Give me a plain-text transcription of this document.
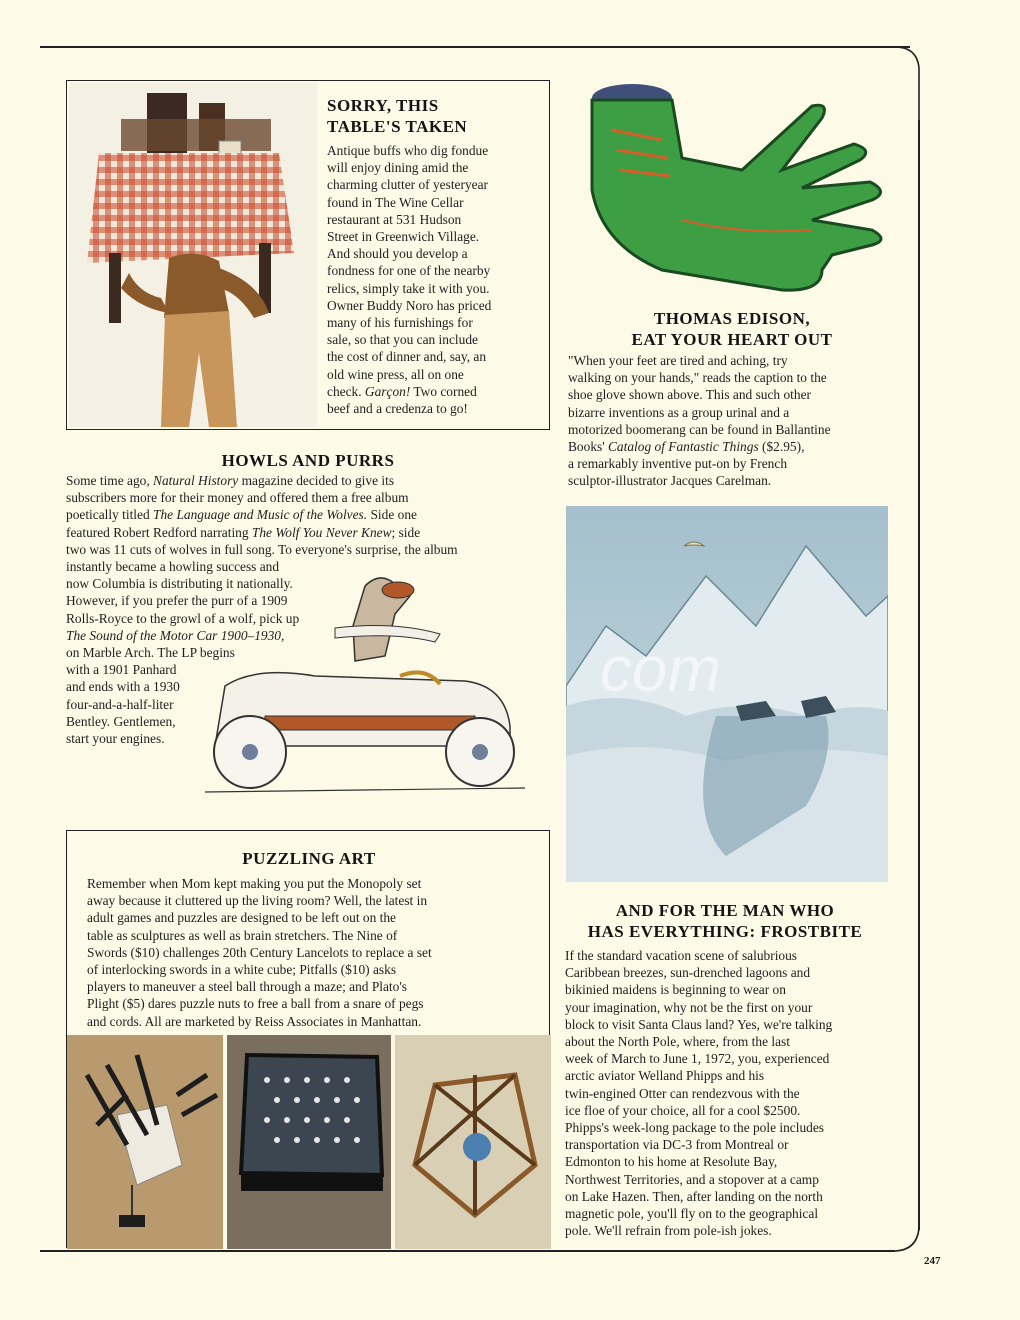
SORRY, THIS
TABLE'S TAKEN
Antique buffs who dig fondue
will enjoy dining amid the
charming clutter of yesteryear
found in The Wine Cellar
restaurant at 531 Hudson
Street in Greenwich Village.
And should you develop a
fondness for one of the nearby
relics, simply take it with you.
Owner Buddy Noro has priced
many of his furnishings for
sale, so that you can include
the cost of dinner and, say, an
old wine press, all on one
check. Garçon! Two corned
beef and a credenza to go!
THOMAS EDISON,
EAT YOUR HEART OUT
"When your feet are tired and aching, try
walking on your hands," reads the caption to the
shoe glove shown above. This and such other
bizarre inventions as a group urinal and a
motorized boomerang can be found in Ballantine
Books' Catalog of Fantastic Things ($2.95),
a remarkably inventive put-on by French
sculptor-illustrator Jacques Carelman.
HOWLS AND PURRS
Some time ago, Natural History magazine decided to give its
subscribers more for their money and offered them a free album
poetically titled The Language and Music of the Wolves. Side one
featured Robert Redford narrating The Wolf You Never Knew; side
two was 11 cuts of wolves in full song. To everyone's surprise, the album
instantly became a howling success and
now Columbia is distributing it nationally.
However, if you prefer the purr of a 1909
Rolls-Royce to the growl of a wolf, pick up
The Sound of the Motor Car 1900–1930,
on Marble Arch. The LP begins
with a 1901 Panhard
and ends with a 1930
four-and-a-half-liter
Bentley. Gentlemen,
start your engines.
com
PUZZLING ART
Remember when Mom kept making you put the Monopoly set
away because it cluttered up the living room? Well, the latest in
adult games and puzzles are designed to be left out on the
table as sculptures as well as brain stretchers. The Nine of
Swords ($10) challenges 20th Century Lancelots to replace a set
of interlocking swords in a white cube; Pitfalls ($10) asks
players to maneuver a steel ball through a maze; and Plato's
Plight ($5) dares puzzle nuts to free a ball from a snare of pegs
and cords. All are marketed by Reiss Associates in Manhattan.
AND FOR THE MAN WHO
HAS EVERYTHING: FROSTBITE
If the standard vacation scene of salubrious
Caribbean breezes, sun-drenched lagoons and
bikinied maidens is beginning to wear on
your imagination, why not be the first on your
block to visit Santa Claus land? Yes, we're talking
about the North Pole, where, from the last
week of March to June 1, 1972, you, experienced
arctic aviator Welland Phipps and his
twin-engined Otter can rendezvous with the
ice floe of your choice, all for a cool $2500.
Phipps's week-long package to the pole includes
transportation via DC-3 from Montreal or
Edmonton to his home at Resolute Bay,
Northwest Territories, and a stopover at a camp
on Lake Hazen. Then, after landing on the north
magnetic pole, you'll fly on to the geographical
pole. We'll refrain from pole-ish jokes.
247
